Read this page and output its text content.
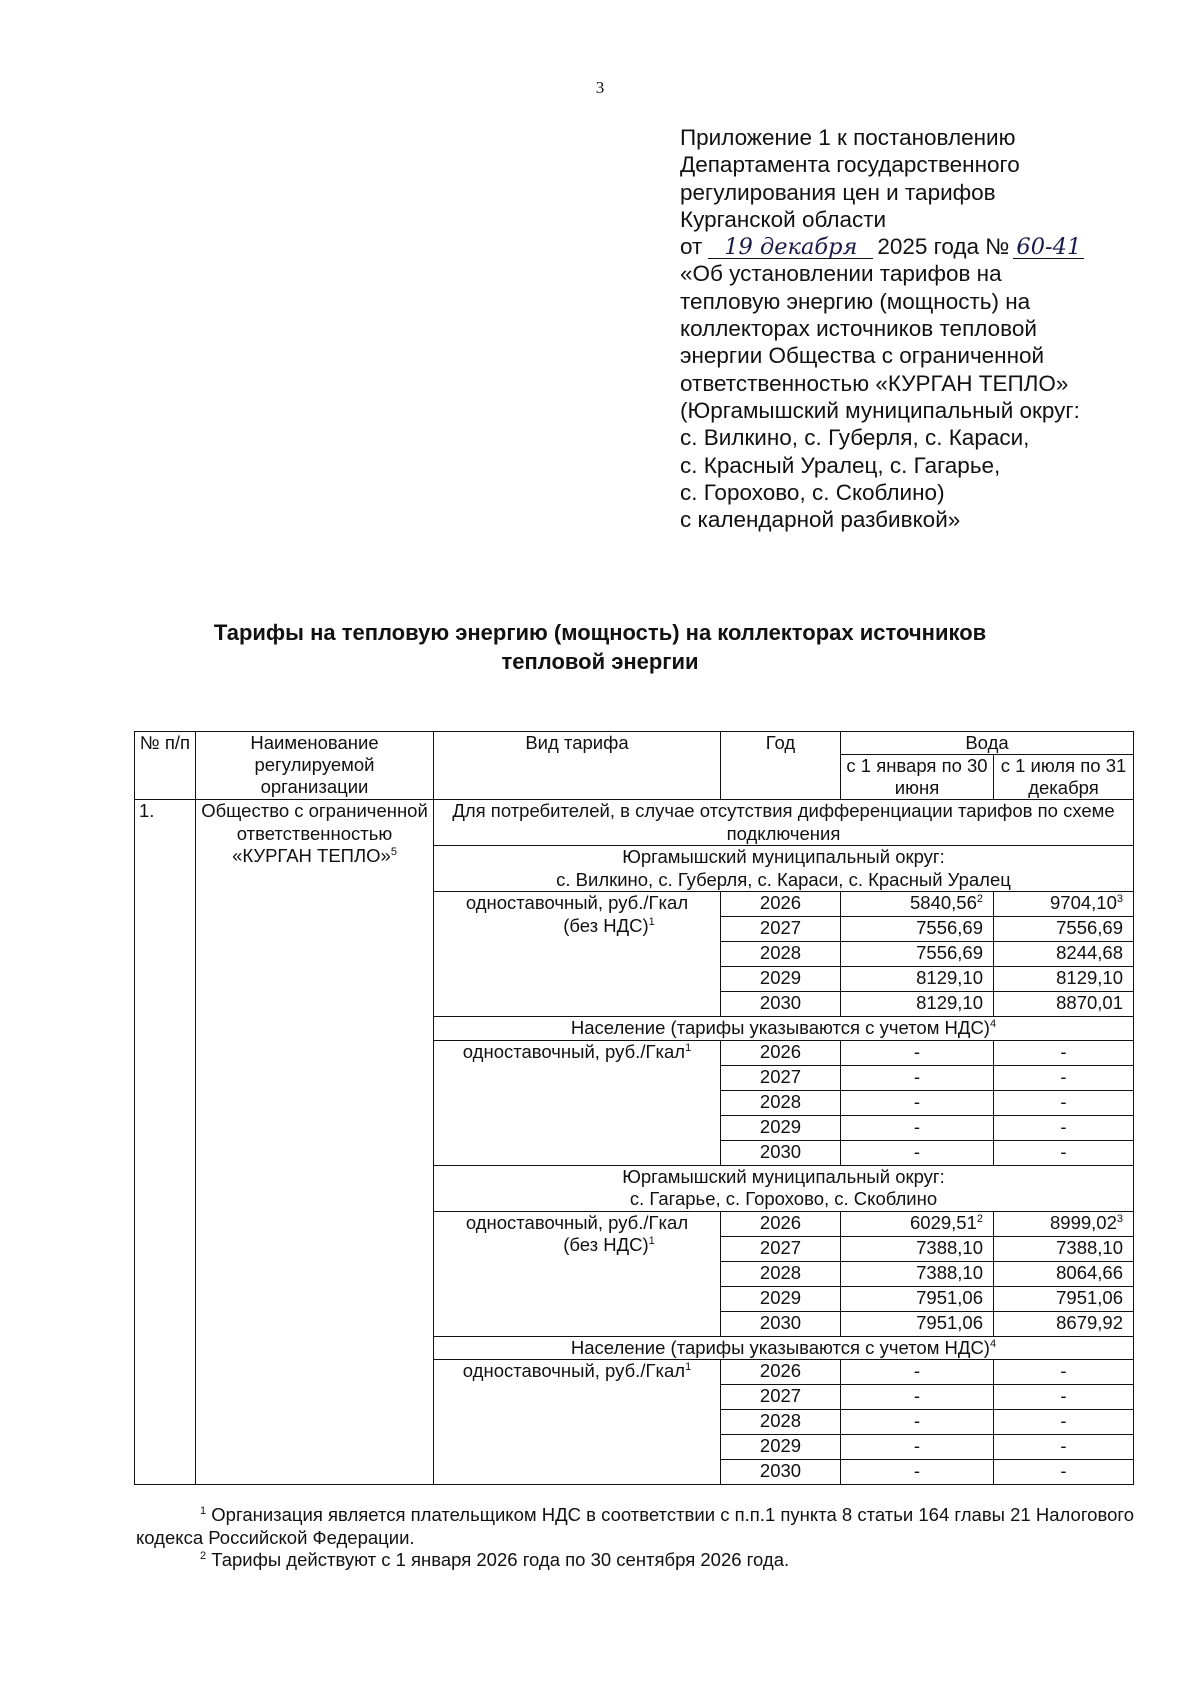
3
Приложение 1 к постановлению
Департамента государственного
регулирования цен и тарифов
Курганской области
от 19 декабря 2025 года № 60-41
«Об установлении тарифов на
тепловую энергию (мощность) на
коллекторах источников тепловой
энергии Общества с ограниченной
ответственностью «КУРГАН ТЕПЛО»
(Юргамышский муниципальный округ:
с. Вилкино, с. Губерля, с. Караси,
с. Красный Уралец, с. Гагарье,
с. Горохово, с. Скоблино)
с календарной разбивкой»
Тарифы на тепловую энергию (мощность) на коллекторах источников
тепловой энергии
№ п/п	Наименование регулируемой организации	Вид тарифа	Год	Вода	
				с 1 января по 30 июня	с 1 июля по 31 декабря
1.	Общество с ограниченной ответственностью «КУРГАН ТЕПЛО»$^5$	Для потребителей, в случае отсутствия дифференциации тарифов по схеме подключения			

		Юргамышский муниципальный округ:
с. Вилкино, с. Губерля, с. Караси, с. Красный Уралец			

		одноставочный, руб./Гкал
(без НДС)$^1$	2026	5840,56$^2$	9704,10$^3$
			2027	7556,69	7556,69
			2028	7556,69	8244,68
			2029	8129,10	8129,10
			2030	8129,10	8870,01
		Население (тарифы указываются с учетом НДС)$^4$
		одноставочный, руб./Гкал$^1$	2026	-	-
			2027	-	-
			2028	-	-
			2029	-	-
			2030	-	-

		Юргамышский муниципальный округ:
с. Гагарье, с. Горохово, с. Скоблино			

		одноставочный, руб./Гкал
(без НДС)$^1$	2026	6029,51$^2$	8999,02$^3$
			2027	7388,10	7388,10
			2028	7388,10	8064,66
			2029	7951,06	7951,06
			2030	7951,06	8679,92
		Население (тарифы указываются с учетом НДС)$^4$
		одноставочный, руб./Гкал$^1$	2026	-	-
			2027	-	-
			2028	-	-
			2029	-	-
			2030	-	-
$^1$ Организация является плательщиком НДС в соответствии с п.п.1 пункта 8 статьи 164 главы 21 Налогового кодекса Российской Федерации.
$^2$ Тарифы действуют с 1 января 2026 года по 30 сентября 2026 года.
